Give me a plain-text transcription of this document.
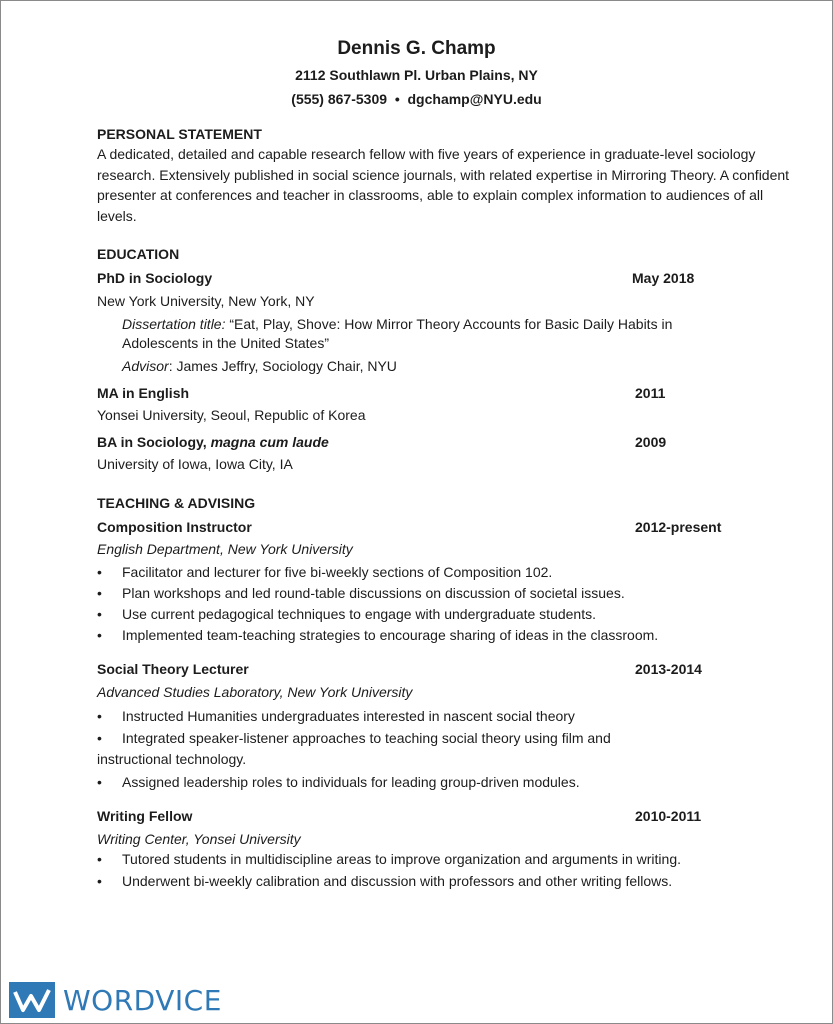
Dennis G. Champ
2112 Southlawn Pl. Urban Plains, NY
(555) 867-5309 • dgchamp@NYU.edu
PERSONAL STATEMENT
A dedicated, detailed and capable research fellow with five years of experience in graduate-level sociology research. Extensively published in social science journals, with related expertise in Mirroring Theory. A confident presenter at conferences and teacher in classrooms, able to explain complex information to audiences of all levels.
EDUCATION
PhD in Sociology	May 2018
New York University, New York, NY
Dissertation title: “Eat, Play, Shove: How Mirror Theory Accounts for Basic Daily Habits in
Adolescents in the United States”
Advisor: James Jeffry, Sociology Chair, NYU
MA in English	2011
Yonsei University, Seoul, Republic of Korea
BA in Sociology, magna cum laude	2009
University of Iowa, Iowa City, IA
TEACHING & ADVISING
Composition Instructor	2012-present
English Department, New York University
• Facilitator and lecturer for five bi-weekly sections of Composition 102.
• Plan workshops and led round-table discussions on discussion of societal issues.
• Use current pedagogical techniques to engage with undergraduate students.
• Implemented team-teaching strategies to encourage sharing of ideas in the classroom.
Social Theory Lecturer	2013-2014
Advanced Studies Laboratory, New York University
• Instructed Humanities undergraduates interested in nascent social theory
• Integrated speaker-listener approaches to teaching social theory using film and
instructional technology.
• Assigned leadership roles to individuals for leading group-driven modules.
Writing Fellow	2010-2011
Writing Center, Yonsei University
• Tutored students in multidiscipline areas to improve organization and arguments in writing.
• Underwent bi-weekly calibration and discussion with professors and other writing fellows.
WORDVICE
